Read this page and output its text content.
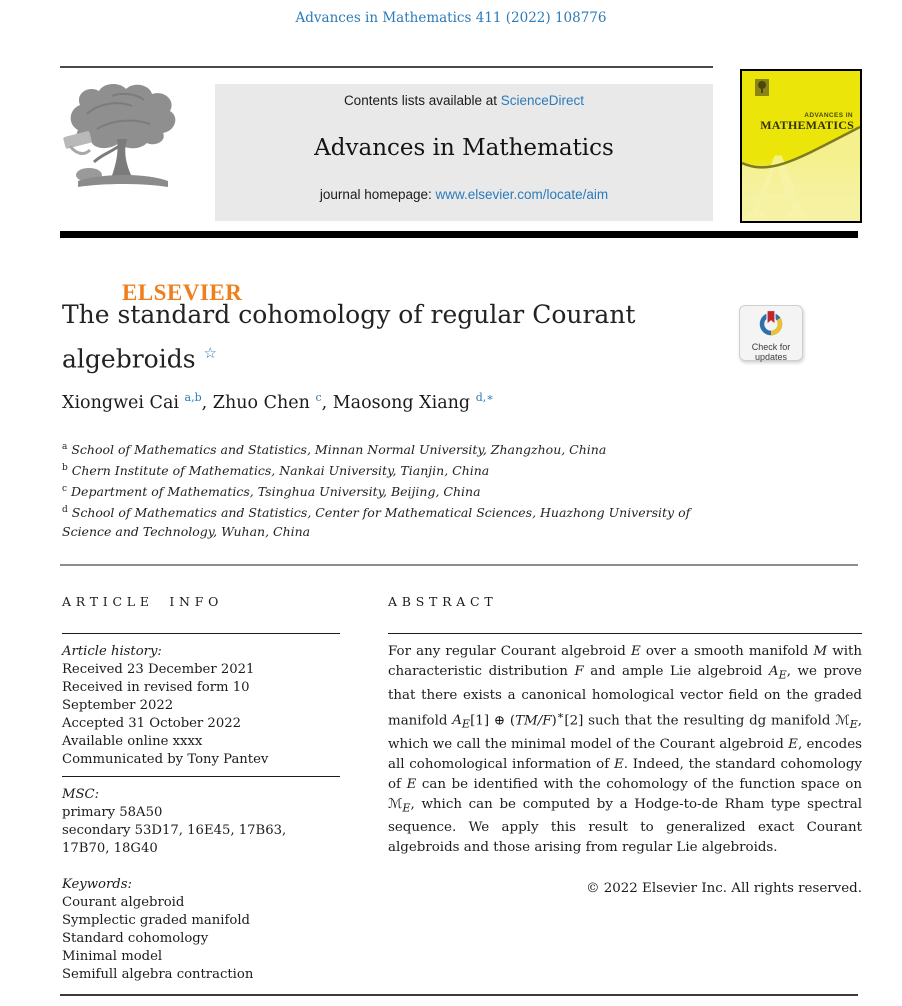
Advances in Mathematics 411 (2022) 108776
ELSEVIER
Contents lists available at ScienceDirect
Advances in Mathematics
journal homepage: www.elsevier.com/locate/aim
ADVANCES IN
MATHEMATICS
The standard cohomology of regular Courant
algebroids ☆	Check for
updates
Xiongwei Cai $^{a,b}$, Zhuo Chen $^c$, Maosong Xiang $^{d,∗}$
$^a$ School of Mathematics and Statistics, Minnan Normal University, Zhangzhou, China
$^b$ Chern Institute of Mathematics, Nankai University, Tianjin, China
$^c$ Department of Mathematics, Tsinghua University, Beijing, China
$^d$ School of Mathematics and Statistics, Center for Mathematical Sciences, Huazhong University of Science and Technology, Wuhan, China
ARTICLE INFO	ABSTRACT
Article history:
Received 23 December 2021
Received in revised form 10
September 2022
Accepted 31 October 2022
Available online xxxx
Communicated by Tony Pantev
MSC:
primary 58A50
secondary 53D17, 16E45, 17B63,
17B70, 18G40
Keywords:
Courant algebroid
Symplectic graded manifold
Standard cohomology
Minimal model
Semifull algebra contraction
For any regular Courant algebroid E over a smooth manifold M with characteristic distribution F and ample Lie algebroid $A_E$, we prove that there exists a canonical homological vector field on the graded manifold $A_E[1]$ ⊕ (TM/F)∗[2] such that the resulting dg manifold ℳ$_E$, which we call the minimal model of the Courant algebroid E, encodes all cohomological information of E. Indeed, the standard cohomology of E can be identified with the cohomology of the function space on ℳ$_E$, which can be computed by a Hodge-to-de Rham type spectral sequence. We apply this result to generalized exact Courant algebroids and those arising from regular Lie algebroids.
© 2022 Elsevier Inc. All rights reserved.
